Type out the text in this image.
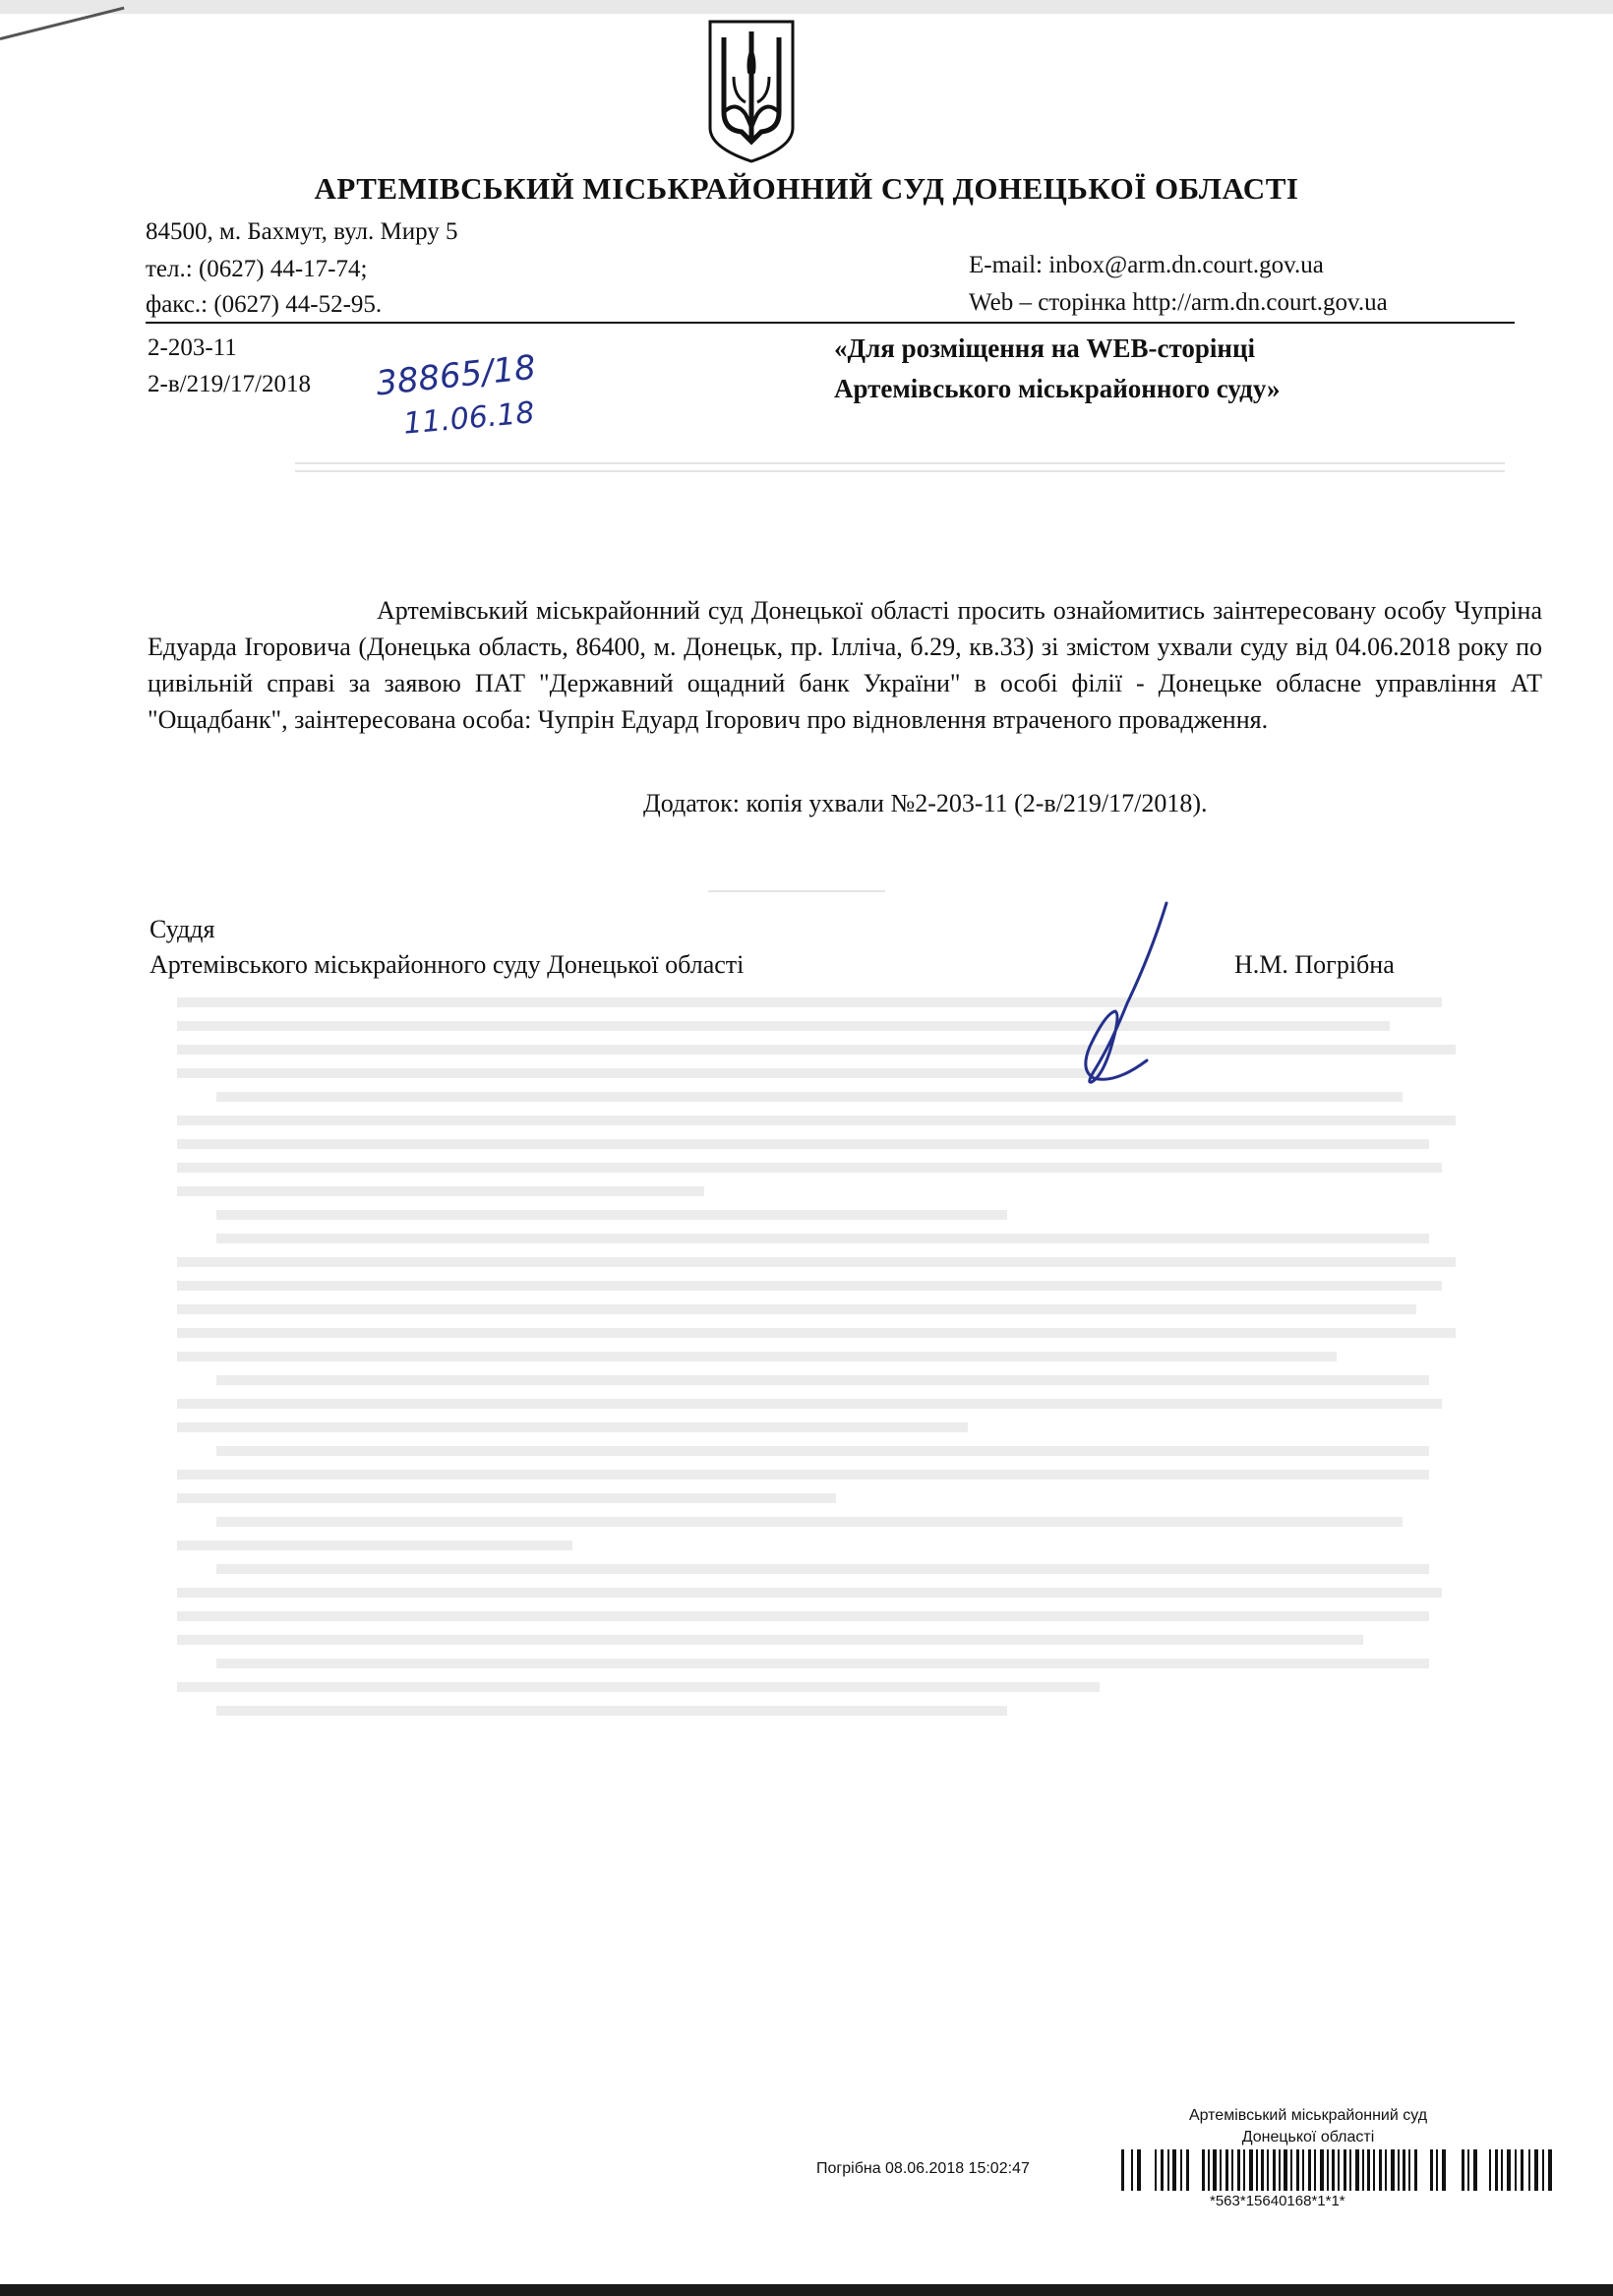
АРТЕМІВСЬКИЙ МІСЬКРАЙОННИЙ СУД ДОНЕЦЬКОЇ ОБЛАСТІ
84500, м. Бахмут, вул. Миру 5
тел.: (0627) 44-17-74;
факс.: (0627) 44-52-95.
E-mail: inbox@arm.dn.court.gov.ua
Web – сторінка http://arm.dn.court.gov.ua
2-203-11
2-в/219/17/2018 38865/18
11.06.18
«Для розміщення на WEB-сторінці
Артемівського міськрайонного суду»
Артемівський міськрайонний суд Донецької області просить ознайомитись заінтересовану особу Чупріна Едуарда Ігоровича (Донецька область, 86400, м. Донецьк, пр. Ілліча, б.29, кв.33) зі змістом ухвали суду від 04.06.2018 року по цивільній справі за заявою ПАТ "Державний ощадний банк України" в особі філії - Донецьке обласне управління АТ "Ощадбанк", заінтересована особа: Чупрін Едуард Ігорович про відновлення втраченого провадження.
Додаток: копія ухвали №2-203-11 (2-в/219/17/2018).
Суддя
Артемівського міськрайонного суду Донецької області	Н.М. Погрібна
Артемівський міськрайонний суд
Донецької області
Погрібна 08.06.2018 15:02:47
*563*15640168*1*1*
